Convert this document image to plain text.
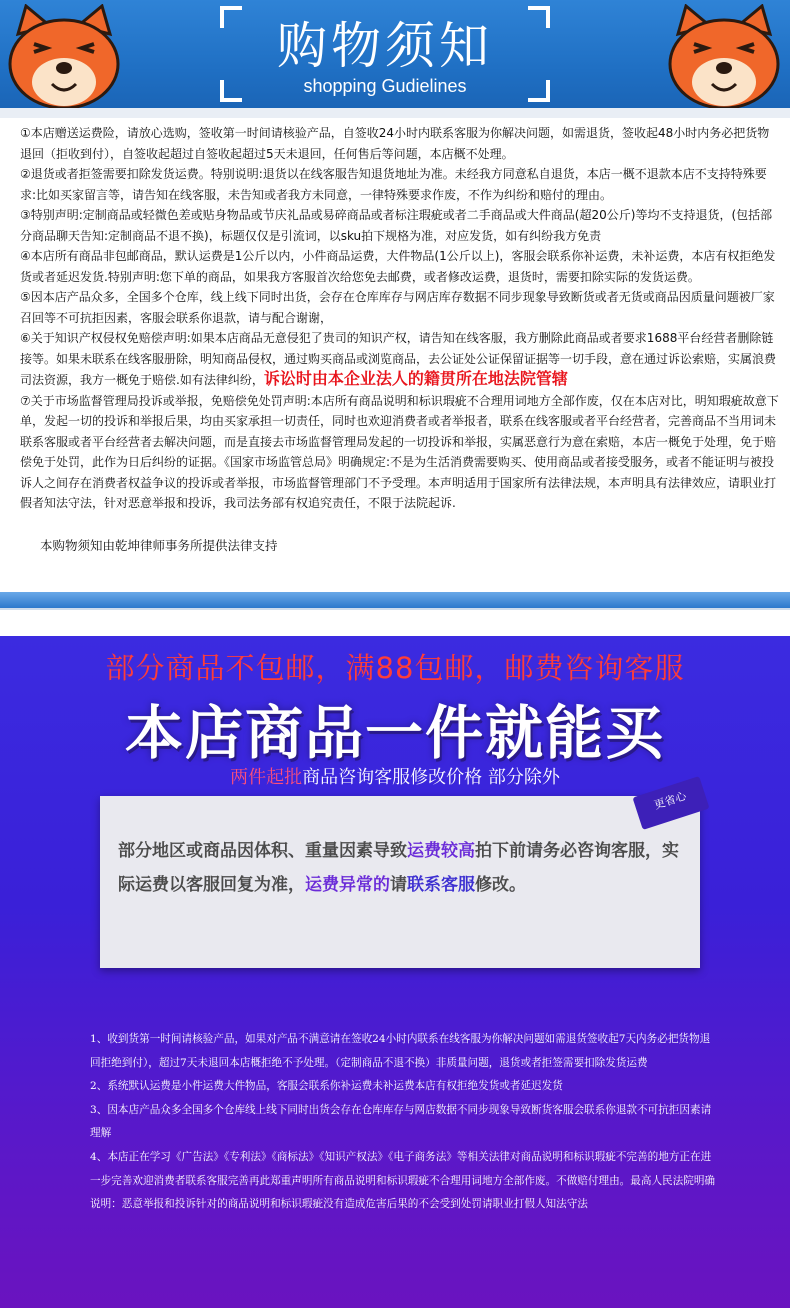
购物须知
shopping Gudielines

①本店赠送运费险，请放心选购，签收第一时间请核验产品，自签收24小时内联系客服为你解决问题，如需退货，签收起48小时内务必把货物退回（拒收到付），自签收起超过自签收起超过5天未退回，任何售后等问题，本店概不处理。

②退货或者拒签需要扣除发货运费。特别说明:退货以在线客服告知退货地址为准。未经我方同意私自退货，本店一概不退款本店不支持特殊要求:比如买家留言等，请告知在线客服，未告知或者我方未同意，一律特殊要求作废，不作为纠纷和赔付的理由。

③特别声明:定制商品或轻微色差或贴身物品或节庆礼品或易碎商品或者标注瑕疵或者二手商品或大件商品(超20公斤)等均不支持退货，(包括部分商品聊天告知:定制商品不退不换)，标题仅仅是引流词，以sku拍下规格为准，对应发货，如有纠纷我方免责

④本店所有商品非包邮商品，默认运费是1公斤以内，小件商品运费，大件物品(1公斤以上)，客服会联系你补运费，未补运费，本店有权拒绝发货或者延迟发货.特别声明:您下单的商品，如果我方客服首次给您免去邮费，或者修改运费，退货时，需要扣除实际的发货运费。

⑤因本店产品众多，全国多个仓库，线上线下同时出货，会存在仓库库存与网店库存数据不同步现象导致断货或者无货或商品因质量问题被厂家召回等不可抗拒因素，客服会联系你退款，请与配合谢谢，

⑥关于知识产权侵权免赔偿声明:如果本店商品无意侵犯了贵司的知识产权，请告知在线客服，我方删除此商品或者要求1688平台经营者删除链接等。如果未联系在线客服册除，明知商品侵权，通过购买商品或浏览商品，去公证处公证保留证据等一切手段，意在通过诉讼索赔，实属浪费司法资源，我方一概免于赔偿.如有法律纠纷，诉讼时由本企业法人的籍贯所在地法院管辖

⑦关于市场监督管理局投诉或举报，免赔偿免处罚声明:本店所有商品说明和标识瑕疵不合理用词地方全部作废，仅在本店对比，明知瑕疵故意下单，发起一切的投诉和举报后果，均由买家承担一切责任，同时也欢迎消费者或者举报者，联系在线客服或者平台经营者，完善商品不当用词未联系客服或者平台经营者去解决问题，而是直接去市场监督管理局发起的一切投诉和举报，实属恶意行为意在索赔，本店一概免于处理，免于赔偿免于处罚，此作为日后纠纷的证据。《国家市场监管总局》明确规定:不是为生活消费需要购买、使用商品或者接受服务，或者不能证明与被投诉人之间存在消费者权益争议的投诉或者举报，市场监督管理部门不予受理。本声明适用于国家所有法律法规，本声明具有法律效应，请职业打假者知法守法，针对恶意举报和投诉，我司法务部有权追究责任，不限于法院起诉.

本购物须知由乾坤律师事务所提供法律支持
部分商品不包邮，满88包邮，邮费咨询客服
本店商品一件就能买
两件起批商品咨询客服修改价格 部分除外
更省心
部分地区或商品因体积、重量因素导致运费较高拍下前请务必咨询客服，实际运费以客服回复为准，运费异常的请联系客服修改。

1、收到货第一时间请核验产品，如果对产品不满意请在签收24小时内联系在线客服为你解决问题如需退货签收起7天内务必把货物退回拒绝到付），超过7天未退回本店概拒绝不予处理。（定制商品不退不换）非质量问题，退货或者拒签需要扣除发货运费

2、系统默认运费是小件运费大件物品，客服会联系你补运费未补运费本店有权拒绝发货或者延迟发货

3、因本店产品众多全国多个仓库线上线下同时出货会存在仓库库存与网店数据不同步现象导致断货客服会联系你退款不可抗拒因素请理解

4、本店正在学习《广告法》《专利法》《商标法》《知识产权法》《电子商务法》等相关法律对商品说明和标识瑕疵不完善的地方正在进一步完善欢迎消费者联系客服完善再此郑重声明所有商品说明和标识瑕疵不合理用词地方全部作废。不做赔付理由。最高人民法院明确说明：恶意举报和投诉针对的商品说明和标识瑕疵没有造成危害后果的不会受到处罚请职业打假人知法守法
